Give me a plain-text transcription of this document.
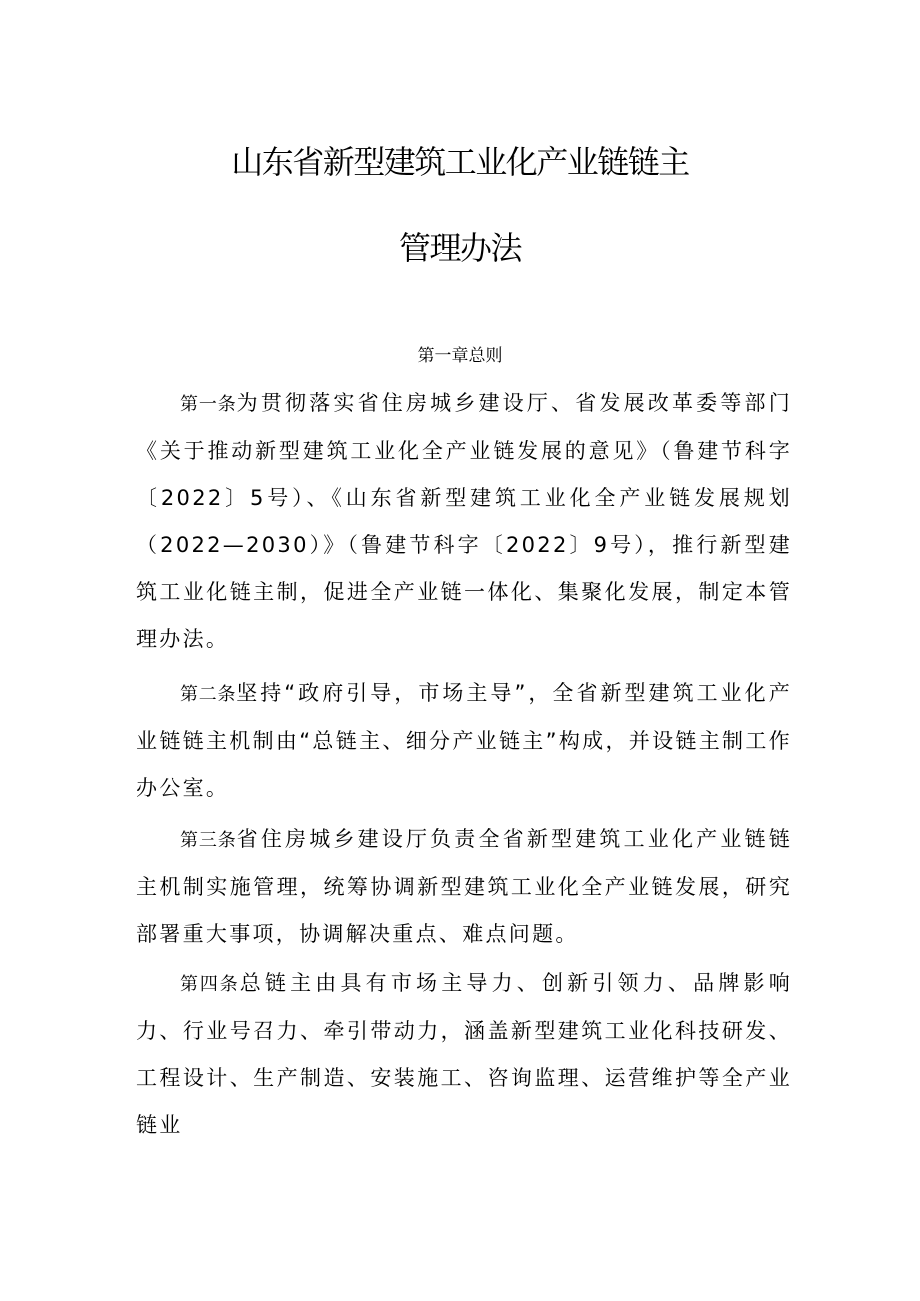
山东省新型建筑工业化产业链链主
管理办法
第一章总则

第一条为贯彻落实省住房城乡建设厅、省发展改革委等部门《关于推动新型建筑工业化全产业链发展的意见》（鲁建节科字〔2022〕5号）、《山东省新型建筑工业化全产业链发展规划（2022—2030）》（鲁建节科字〔2022〕9号），推行新型建筑工业化链主制，促进全产业链一体化、集聚化发展，制定本管理办法。

第二条坚持“政府引导，市场主导”，全省新型建筑工业化产业链链主机制由“总链主、细分产业链主”构成，并设链主制工作办公室。

第三条省住房城乡建设厅负责全省新型建筑工业化产业链链主机制实施管理，统筹协调新型建筑工业化全产业链发展，研究部署重大事项，协调解决重点、难点问题。

第四条总链主由具有市场主导力、创新引领力、品牌影响力、行业号召力、牵引带动力，涵盖新型建筑工业化科技研发、工程设计、生产制造、安装施工、咨询监理、运营维护等全产业链业
